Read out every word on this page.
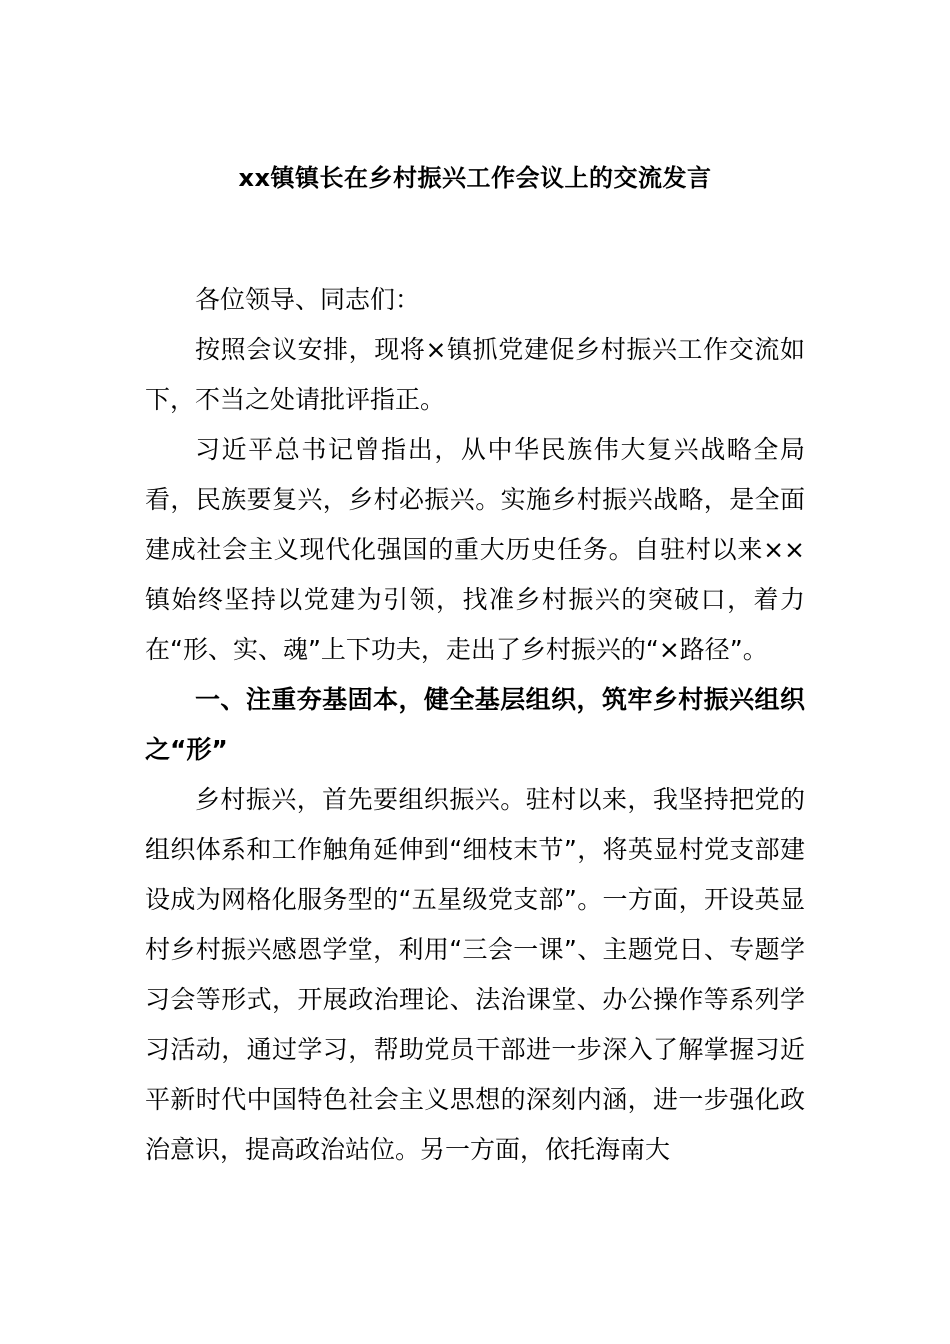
xx镇镇长在乡村振兴工作会议上的交流发言

各位领导、同志们：

按照会议安排，现将×镇抓党建促乡村振兴工作交流如下，不当之处请批评指正。

习近平总书记曾指出，从中华民族伟大复兴战略全局看，民族要复兴，乡村必振兴。实施乡村振兴战略，是全面建成社会主义现代化强国的重大历史任务。自驻村以来××镇始终坚持以党建为引领，找准乡村振兴的突破口，着力在“形、实、魂”上下功夫，走出了乡村振兴的“×路径”。

一、注重夯基固本，健全基层组织，筑牢乡村振兴组织之“形”

乡村振兴，首先要组织振兴。驻村以来，我坚持把党的组织体系和工作触角延伸到“细枝末节”，将英显村党支部建设成为网格化服务型的“五星级党支部”。一方面，开设英显村乡村振兴感恩学堂，利用“三会一课”、主题党日、专题学习会等形式，开展政治理论、法治课堂、办公操作等系列学习活动，通过学习，帮助党员干部进一步深入了解掌握习近平新时代中国特色社会主义思想的深刻内涵，进一步强化政治意识，提高政治站位。另一方面，依托海南大
